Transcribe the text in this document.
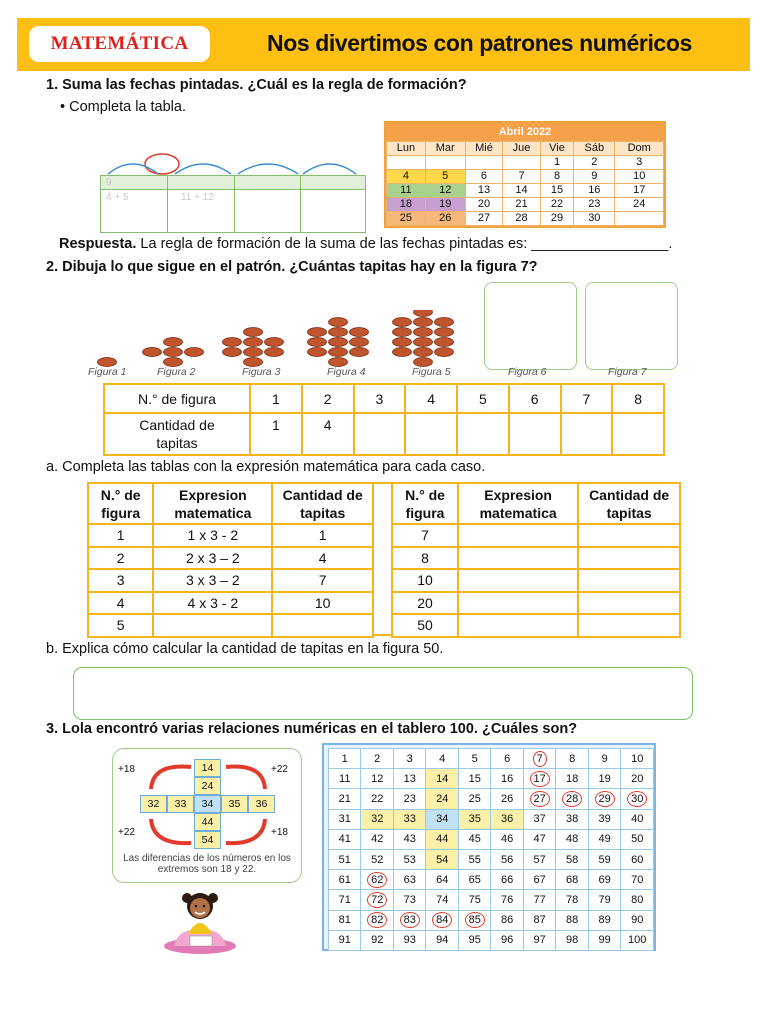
MATEMÁTICA	Nos divertimos con patrones numéricos
1. Suma las fechas pintadas. ¿Cuál es la regla de formación?
• Completa la tabla.
9
4 + 5	11 + 12
Abril 2022
Lun	Mar	Mié	Jue	Vie	Sáb	Dom
				1	2	3
4	5	6	7	8	9	10
11	12	13	14	15	16	17
18	19	20	21	22	23	24
25	26	27	28	29	30	
Respuesta. La regla de formación de la suma de las fechas pintadas es: _________________.
2. Dibuja lo que sigue en el patrón. ¿Cuántas tapitas hay en la figura 7?
Figura 1	Figura 2	Figura 3	Figura 4	Figura 5	Figura 6	Figura 7
N.° de figura	1	2	3	4	5	6	7	8
Cantidad de tapitas	1	4						
a. Completa las tablas con la expresión matemática para cada caso.
N.° de figura	Expresion matematica	Cantidad de tapitas
1	1 x 3 - 2	1
2	2 x 3 – 2	4
3	3 x 3 – 2	7
4	4 x 3 - 2	10
5		
N.° de figura	Expresion matematica	Cantidad de tapitas
7		
8		
10		
20		
50		
b. Explica cómo calcular la cantidad de tapitas en la figura 50.
3. Lola encontró varias relaciones numéricas en el tablero 100. ¿Cuáles son?
+18	+22
+22	+18
14
24
32	33	34	35	36
44
54
Las diferencias de los números en los extremos son 18 y 22.
1	2	3	4	5	6	7	8	9	10
11	12	13	14	15	16	17	18	19	20
21	22	23	24	25	26	27	28	29	30
31	32	33	34	35	36	37	38	39	40
41	42	43	44	45	46	47	48	49	50
51	52	53	54	55	56	57	58	59	60
61	62	63	64	65	66	67	68	69	70
71	72	73	74	75	76	77	78	79	80
81	82	83	84	85	86	87	88	89	90
91	92	93	94	95	96	97	98	99	100
